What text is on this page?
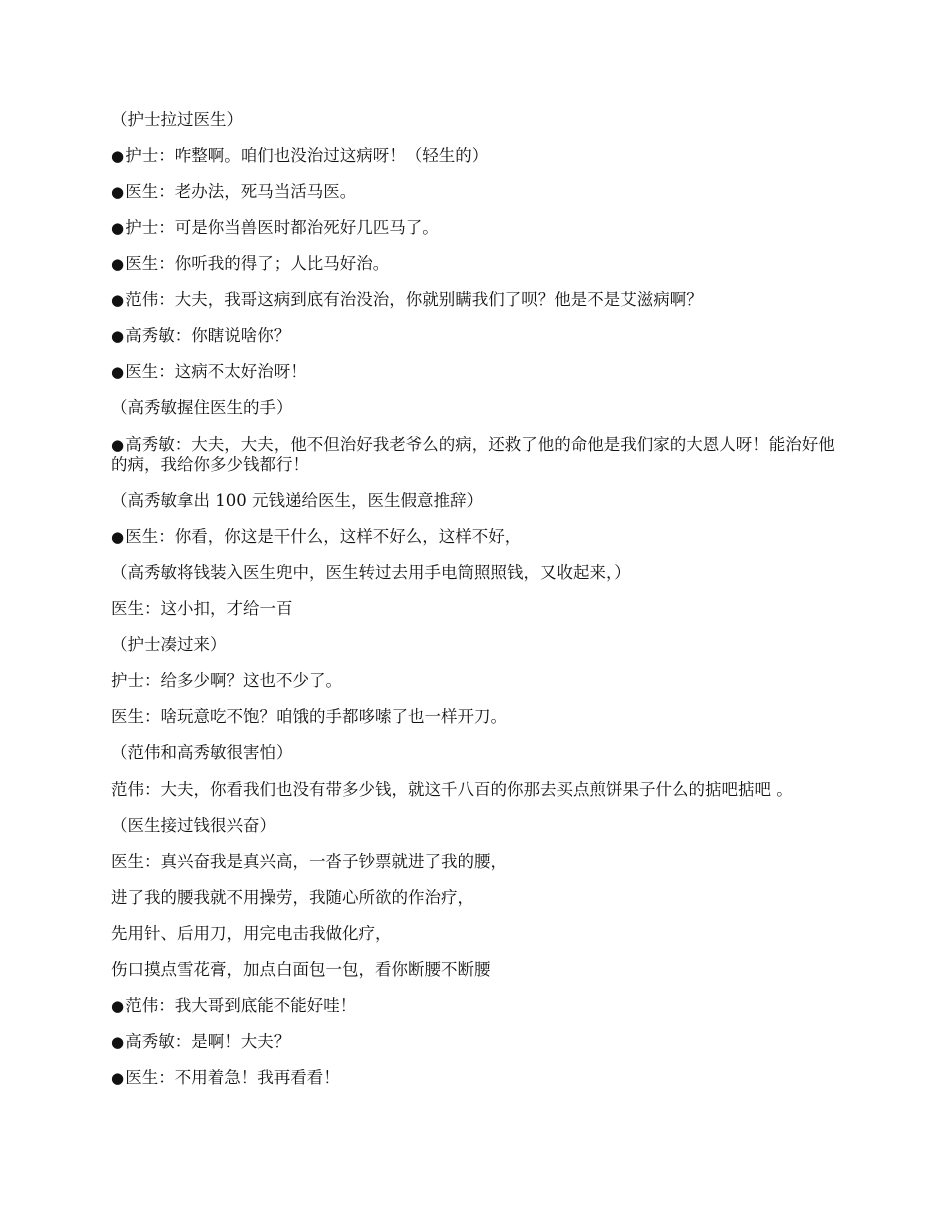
（护士拉过医生）

●护士：咋整啊。咱们也没治过这病呀！（轻生的）

●医生：老办法，死马当活马医。

●护士：可是你当兽医时都治死好几匹马了。

●医生：你听我的得了；人比马好治。

●范伟：大夫，我哥这病到底有治没治，你就别瞒我们了呗？他是不是艾滋病啊？

●高秀敏：你瞎说啥你？

●医生：这病不太好治呀！

（高秀敏握住医生的手）

●高秀敏：大夫，大夫，他不但治好我老爷么的病，还救了他的命他是我们家的大恩人呀！能治好他的病，我给你多少钱都行！

（高秀敏拿出 100 元钱递给医生，医生假意推辞）

●医生：你看，你这是干什么，这样不好么，这样不好，

（高秀敏将钱装入医生兜中，医生转过去用手电筒照照钱，又收起来，）

医生：这小扣，才给一百

（护士凑过来）

护士：给多少啊？这也不少了。

医生：啥玩意吃不饱？咱饿的手都哆嗦了也一样开刀。

（范伟和高秀敏很害怕）

范伟：大夫，你看我们也没有带多少钱，就这千八百的你那去买点煎饼果子什么的掂吧掂吧 。

（医生接过钱很兴奋）

医生：真兴奋我是真兴高，一沓子钞票就进了我的腰，

进了我的腰我就不用操劳，我随心所欲的作治疗，

先用针、后用刀，用完电击我做化疗，

伤口摸点雪花膏，加点白面包一包，看你断腰不断腰

●范伟：我大哥到底能不能好哇！

●高秀敏：是啊！大夫？

●医生：不用着急！我再看看！
